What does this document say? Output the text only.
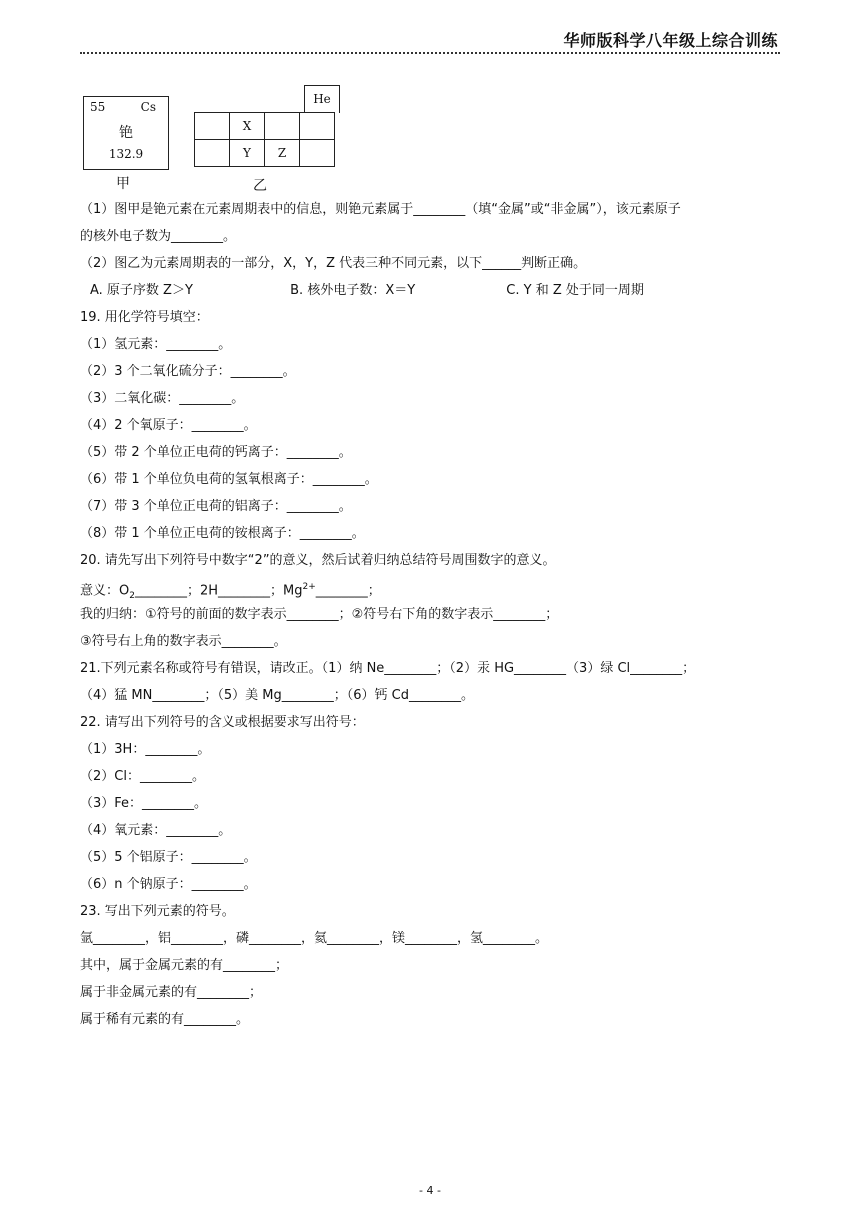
华师版科学八年级上综合训练
55	Cs
铯
132.9
甲
He
	X		
	Y	Z	
乙
（1）图甲是铯元素在元素周期表中的信息，则铯元素属于________（填“金属”或“非金属”），该元素原子
的核外电子数为________。
（2）图乙为元素周期表的一部分，X，Y，Z 代表三种不同元素，以下______判断正确。
A. 原子序数 Z＞Y	B. 核外电子数：X＝Y	C. Y 和 Z 处于同一周期
19. 用化学符号填空：
（1）氢元素：________。
（2）3 个二氧化硫分子：________。
（3）二氧化碳：________。
（4）2 个氧原子：________。
（5）带 2 个单位正电荷的钙离子：________。
（6）带 1 个单位负电荷的氢氧根离子：________。
（7）带 3 个单位正电荷的铝离子：________。
（8）带 1 个单位正电荷的铵根离子：________。
20. 请先写出下列符号中数字“2”的意义，然后试着归纳总结符号周围数字的意义。
意义：$O_2\_\_\_\_\_\_\_\_$；2H________；$Mg^{2+}\_\_\_\_\_\_\_\_$；
我的归纳：①符号的前面的数字表示________；②符号右下角的数字表示________；
③符号右上角的数字表示________。
21.下列元素名称或符号有错误，请改正。（1）纳 Ne________；（2）汞 HG________（3）绿 Cl________；
（4）猛 MN________；（5）美 Mg________；（6）钙 Cd________。
22. 请写出下列符号的含义或根据要求写出符号：
（1）3H：________。
（2）Cl：________。
（3）Fe：________。
（4）氧元素：________。
（5）5 个铝原子：________。
（6）n 个钠原子：________。
23. 写出下列元素的符号。
氩________，铝________，磷________，氦________，镁________，氢________。
其中，属于金属元素的有________；
属于非金属元素的有________；
属于稀有元素的有________。
- 4 -
